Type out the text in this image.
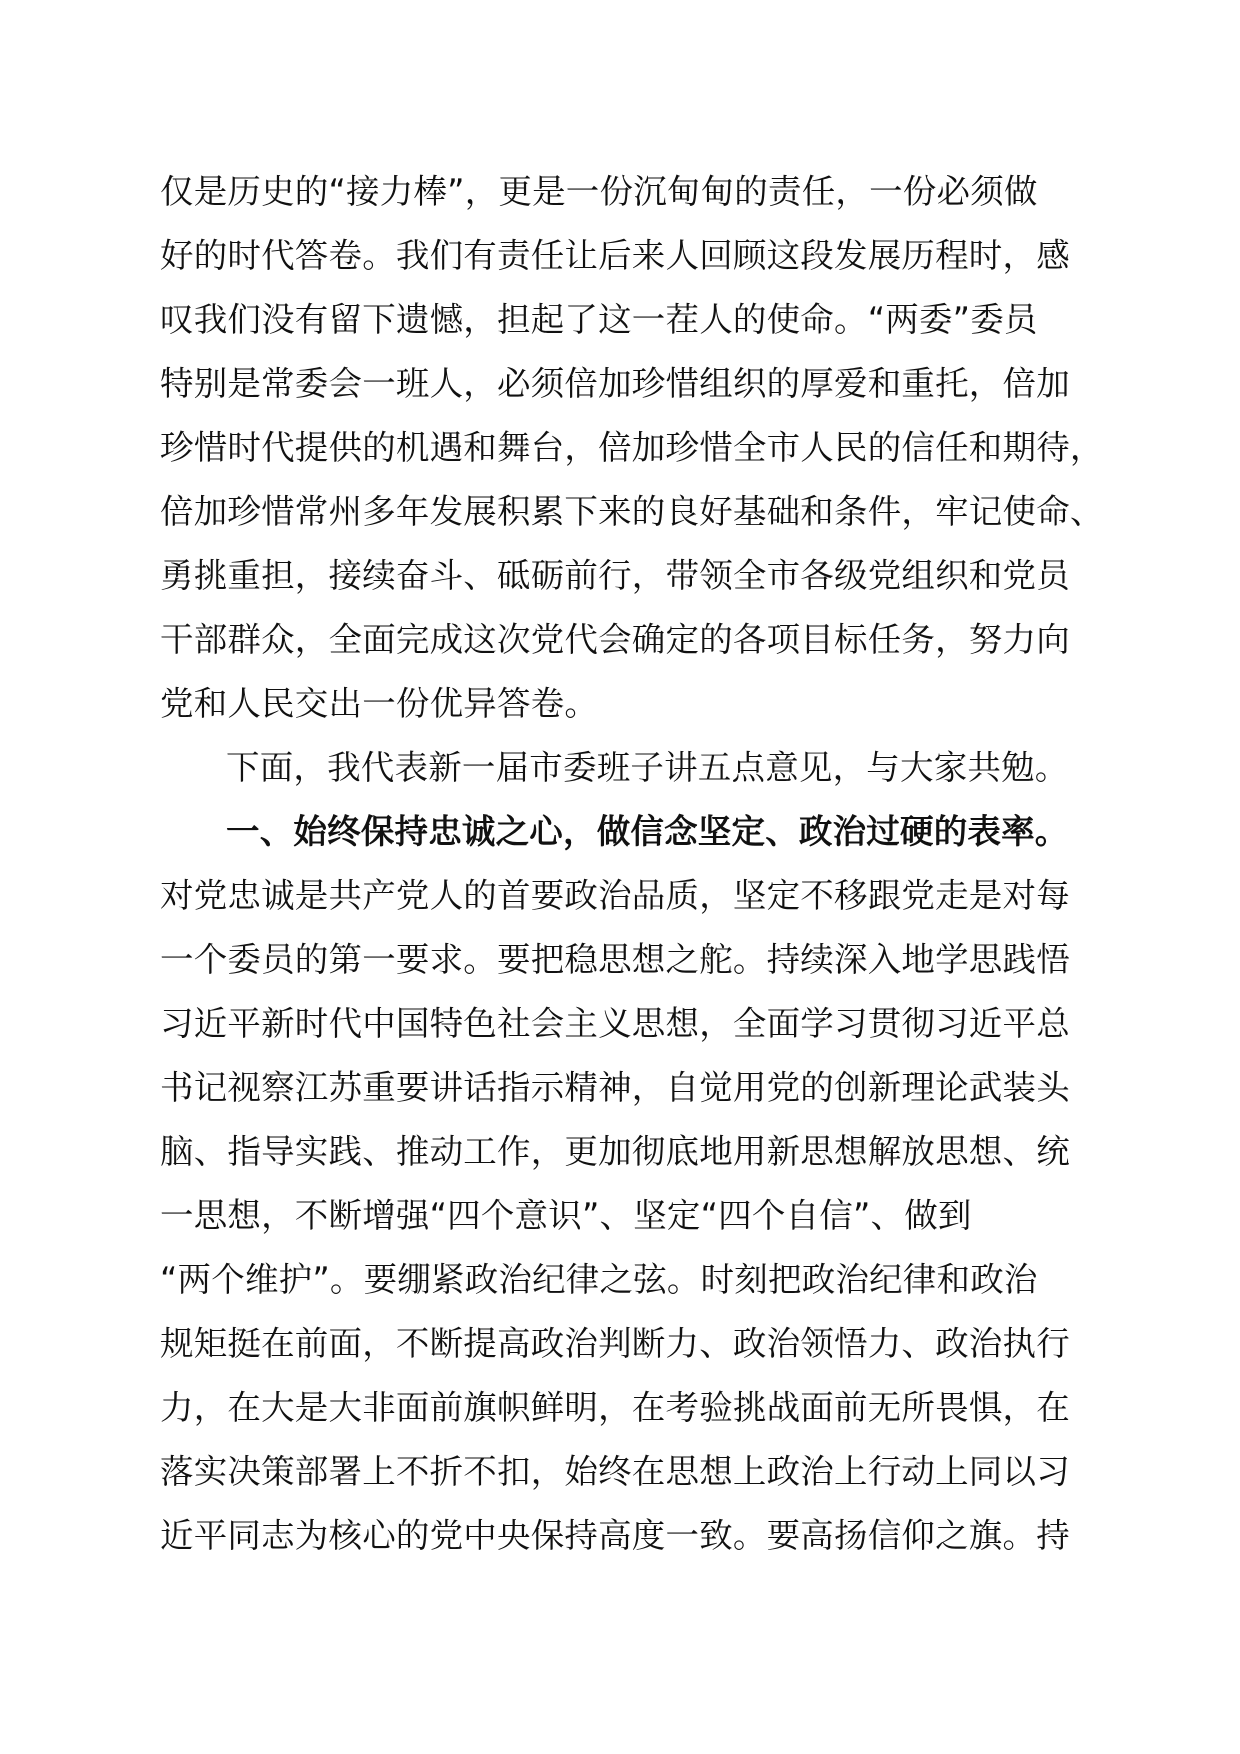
仅是历史的“接力棒”，更是一份沉甸甸的责任，一份必须做
好的时代答卷。我们有责任让后来人回顾这段发展历程时，感
叹我们没有留下遗憾，担起了这一茬人的使命。“两委”委员
特别是常委会一班人，必须倍加珍惜组织的厚爱和重托，倍加
珍惜时代提供的机遇和舞台，倍加珍惜全市人民的信任和期待，
倍加珍惜常州多年发展积累下来的良好基础和条件，牢记使命、
勇挑重担，接续奋斗、砥砺前行，带领全市各级党组织和党员
干部群众，全面完成这次党代会确定的各项目标任务，努力向
党和人民交出一份优异答卷。
下面，我代表新一届市委班子讲五点意见，与大家共勉。
一、始终保持忠诚之心，做信念坚定、政治过硬的表率。
对党忠诚是共产党人的首要政治品质，坚定不移跟党走是对每
一个委员的第一要求。要把稳思想之舵。持续深入地学思践悟
习近平新时代中国特色社会主义思想，全面学习贯彻习近平总
书记视察江苏重要讲话指示精神，自觉用党的创新理论武装头
脑、指导实践、推动工作，更加彻底地用新思想解放思想、统
一思想，不断增强“四个意识”、坚定“四个自信”、做到
“两个维护”。要绷紧政治纪律之弦。时刻把政治纪律和政治
规矩挺在前面，不断提高政治判断力、政治领悟力、政治执行
力，在大是大非面前旗帜鲜明，在考验挑战面前无所畏惧，在
落实决策部署上不折不扣，始终在思想上政治上行动上同以习
近平同志为核心的党中央保持高度一致。要高扬信仰之旗。持
